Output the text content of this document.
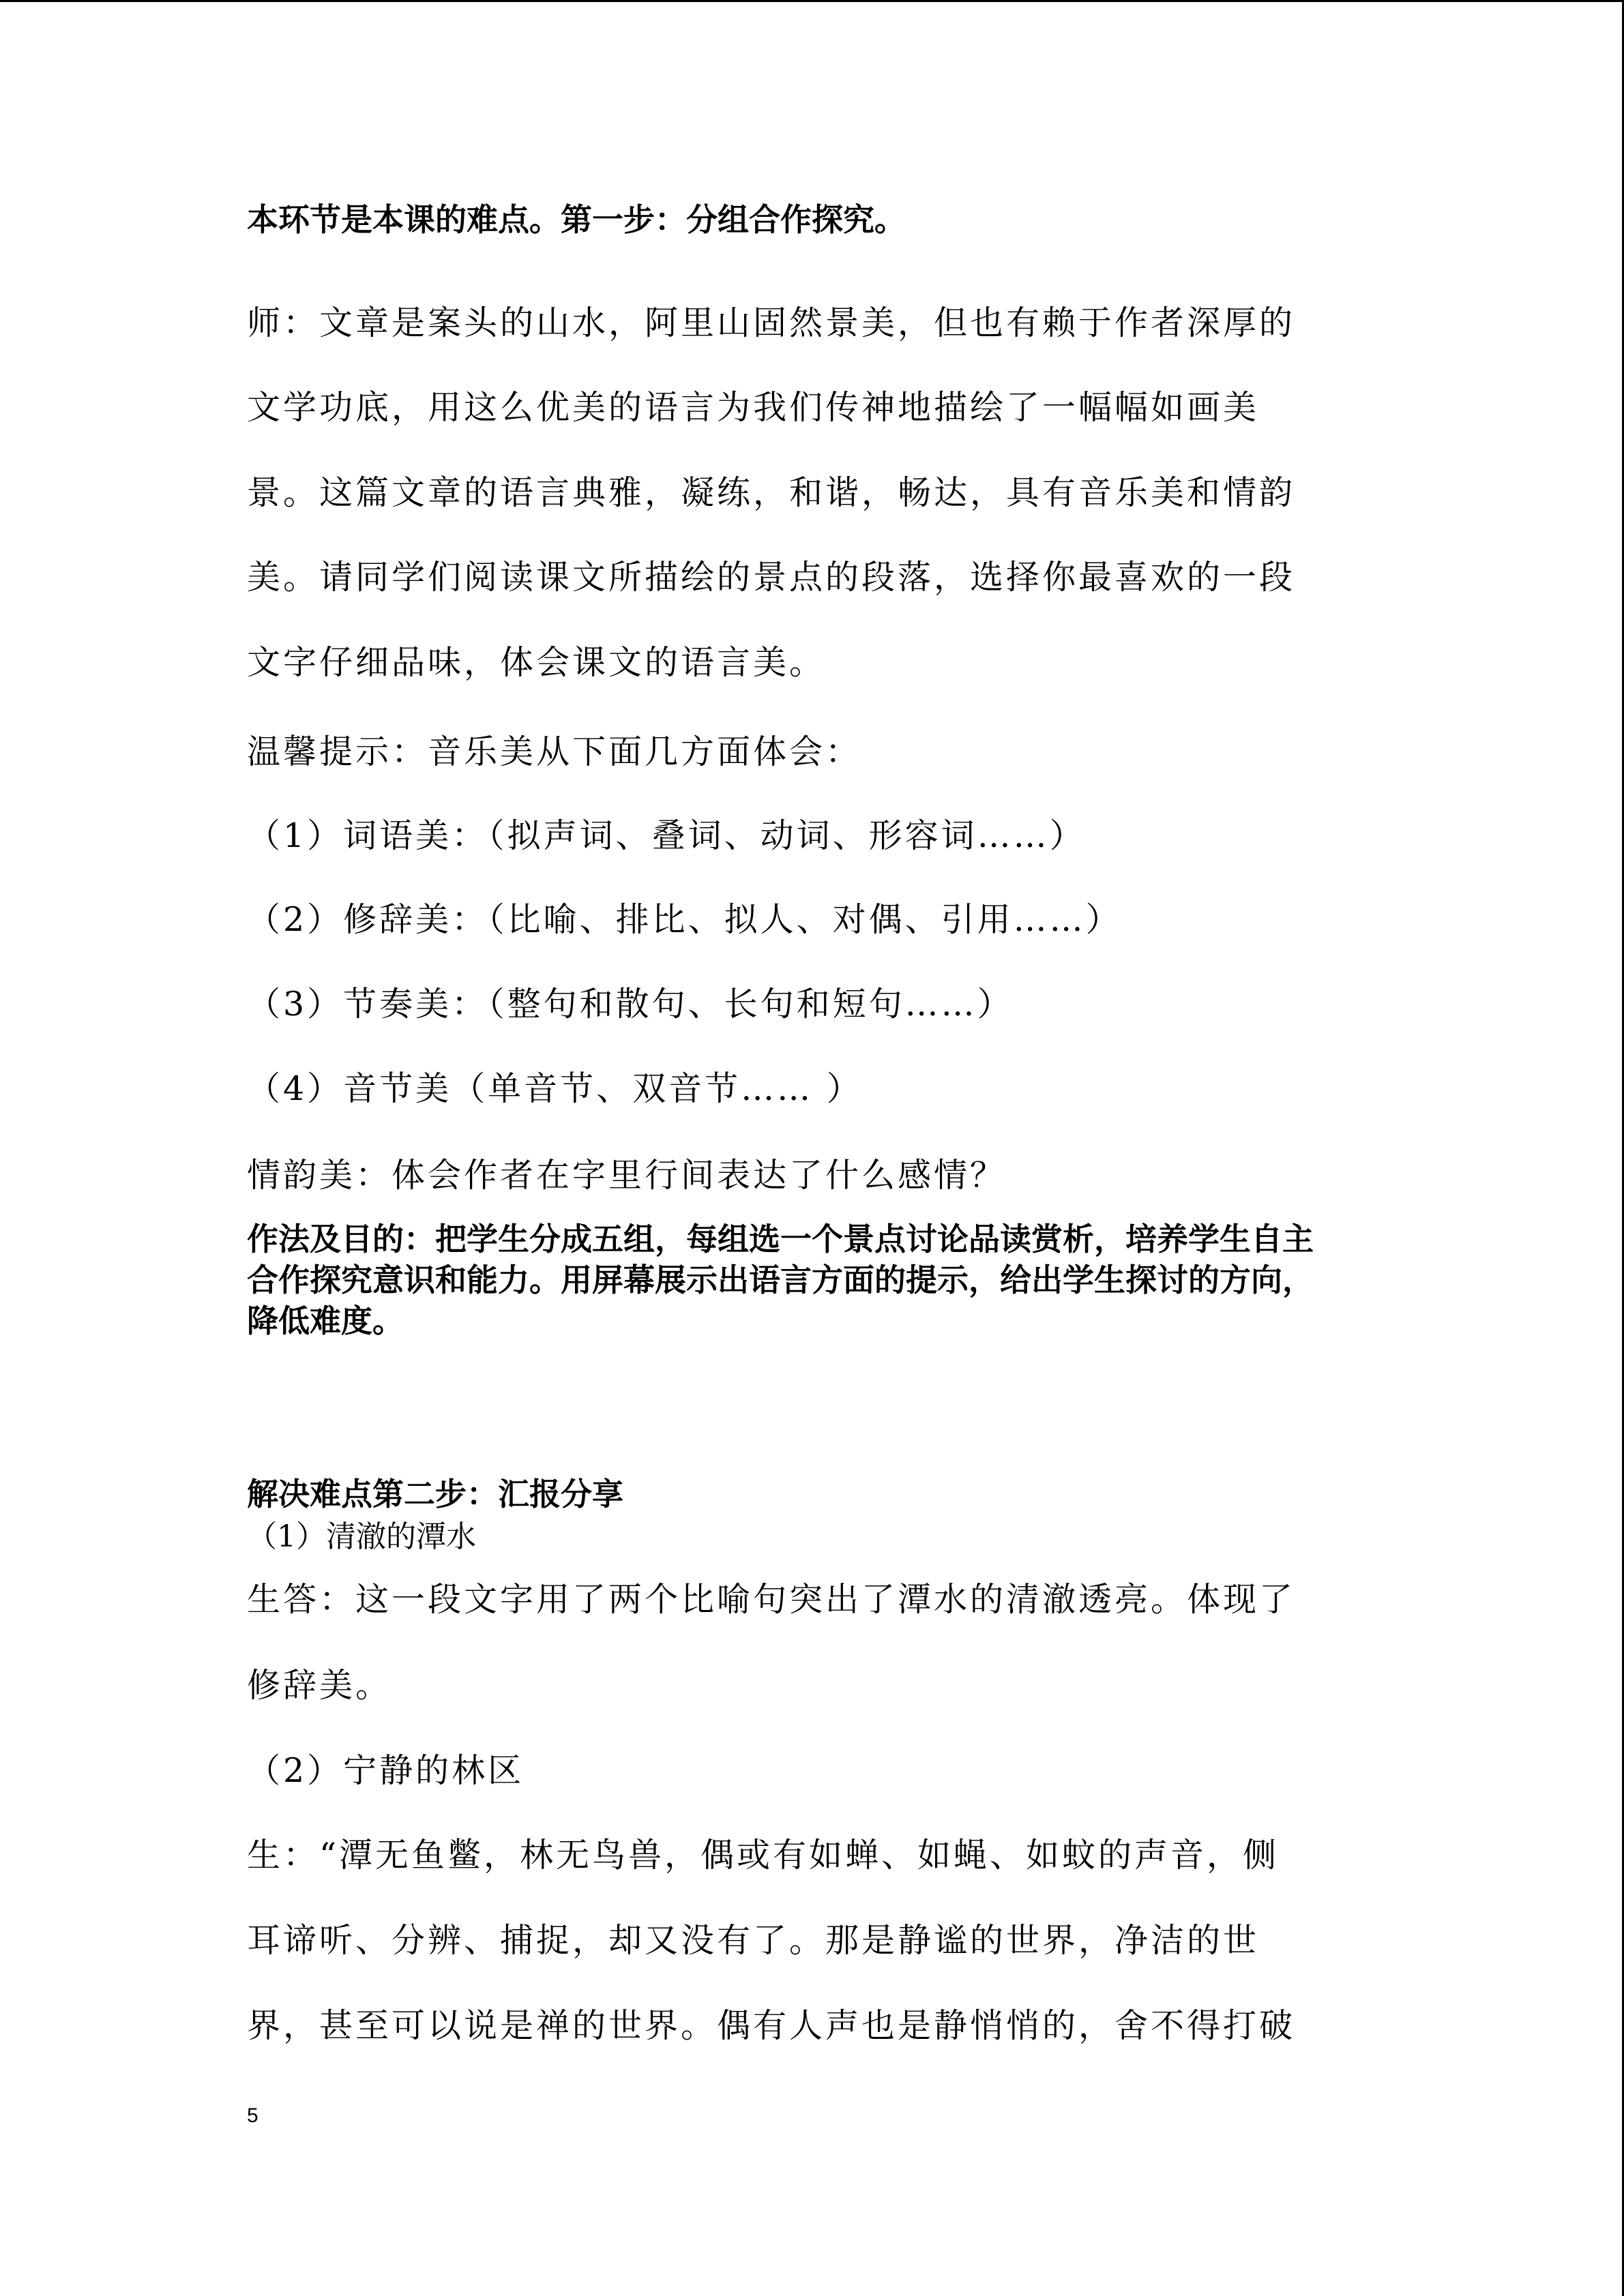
本环节是本课的难点。第一步：分组合作探究。

师：文章是案头的山水，阿里山固然景美，但也有赖于作者深厚的

文学功底，用这么优美的语言为我们传神地描绘了一幅幅如画美

景。这篇文章的语言典雅，凝练，和谐，畅达，具有音乐美和情韵

美。请同学们阅读课文所描绘的景点的段落，选择你最喜欢的一段

文字仔细品味，体会课文的语言美。

温馨提示：音乐美从下面几方面体会：

（1）词语美：（拟声词、叠词、动词、形容词……）

（2）修辞美：（比喻、排比、拟人、对偶、引用……）

（3）节奏美：（整句和散句、长句和短句……）

（4）音节美（单音节、双音节…… ）

情韵美：体会作者在字里行间表达了什么感情？

作法及目的：把学生分成五组，每组选一个景点讨论品读赏析，培养学生自主

合作探究意识和能力。用屏幕展示出语言方面的提示，给出学生探讨的方向，

降低难度。

解决难点第二步：汇报分享

（1）清澈的潭水

生答：这一段文字用了两个比喻句突出了潭水的清澈透亮。体现了

修辞美。

（2）宁静的林区

生：“潭无鱼鳖，林无鸟兽，偶或有如蝉、如蝇、如蚊的声音，侧

耳谛听、分辨、捕捉，却又没有了。那是静谧的世界，净洁的世

界，甚至可以说是禅的世界。偶有人声也是静悄悄的，舍不得打破

5
